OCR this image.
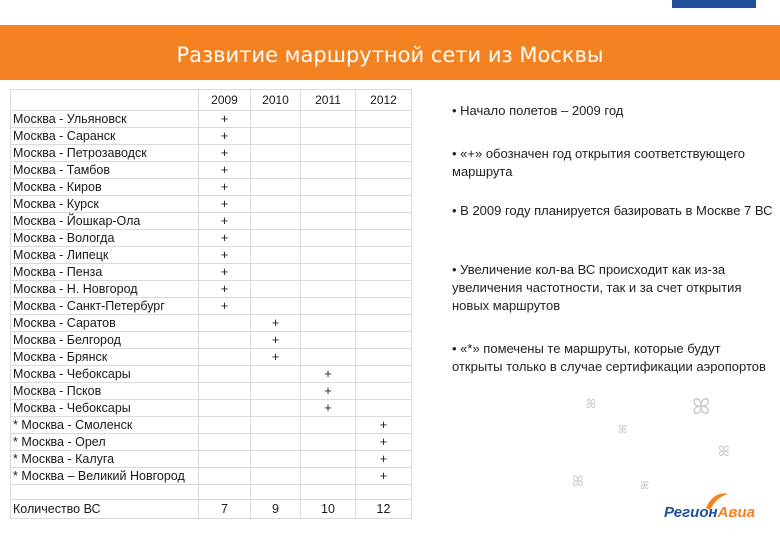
Развитие маршрутной сети из Москвы
	2009	2010	2011	2012
Москва - Ульяновск	+			
Москва - Саранск	+			
Москва - Петрозаводск	+			
Москва - Тамбов	+			
Москва - Киров	+			
Москва - Курск	+			
Москва - Йошкар-Ола	+			
Москва - Вологда	+			
Москва - Липецк	+			
Москва - Пенза	+			
Москва - Н. Новгород	+			
Москва - Санкт-Петербург	+			
Москва - Саратов		+		
Москва - Белгород		+		
Москва - Брянск		+		
Москва - Чебоксары			+	
Москва - Псков			+	
Москва - Чебоксары			+	
* Москва - Смоленск				+
* Москва - Орел				+
* Москва - Калуга				+
* Москва – Великий Новгород				+

Количество ВС	7	9	10	12
• Начало полетов – 2009 год
• «+» обозначен год открытия соответствующего маршрута
• В 2009 году планируется базировать в Москве 7 ВС
• Увеличение кол-ва ВС происходит как из-за увеличения частотности, так и за счет открытия новых маршрутов
• «*» помечены те маршруты, которые будут открыты только в случае сертификации аэропортов
ꕤ	ꕤ
ꕤ
ꕤ
ꕤ	ꕤ
РегионАвиа
